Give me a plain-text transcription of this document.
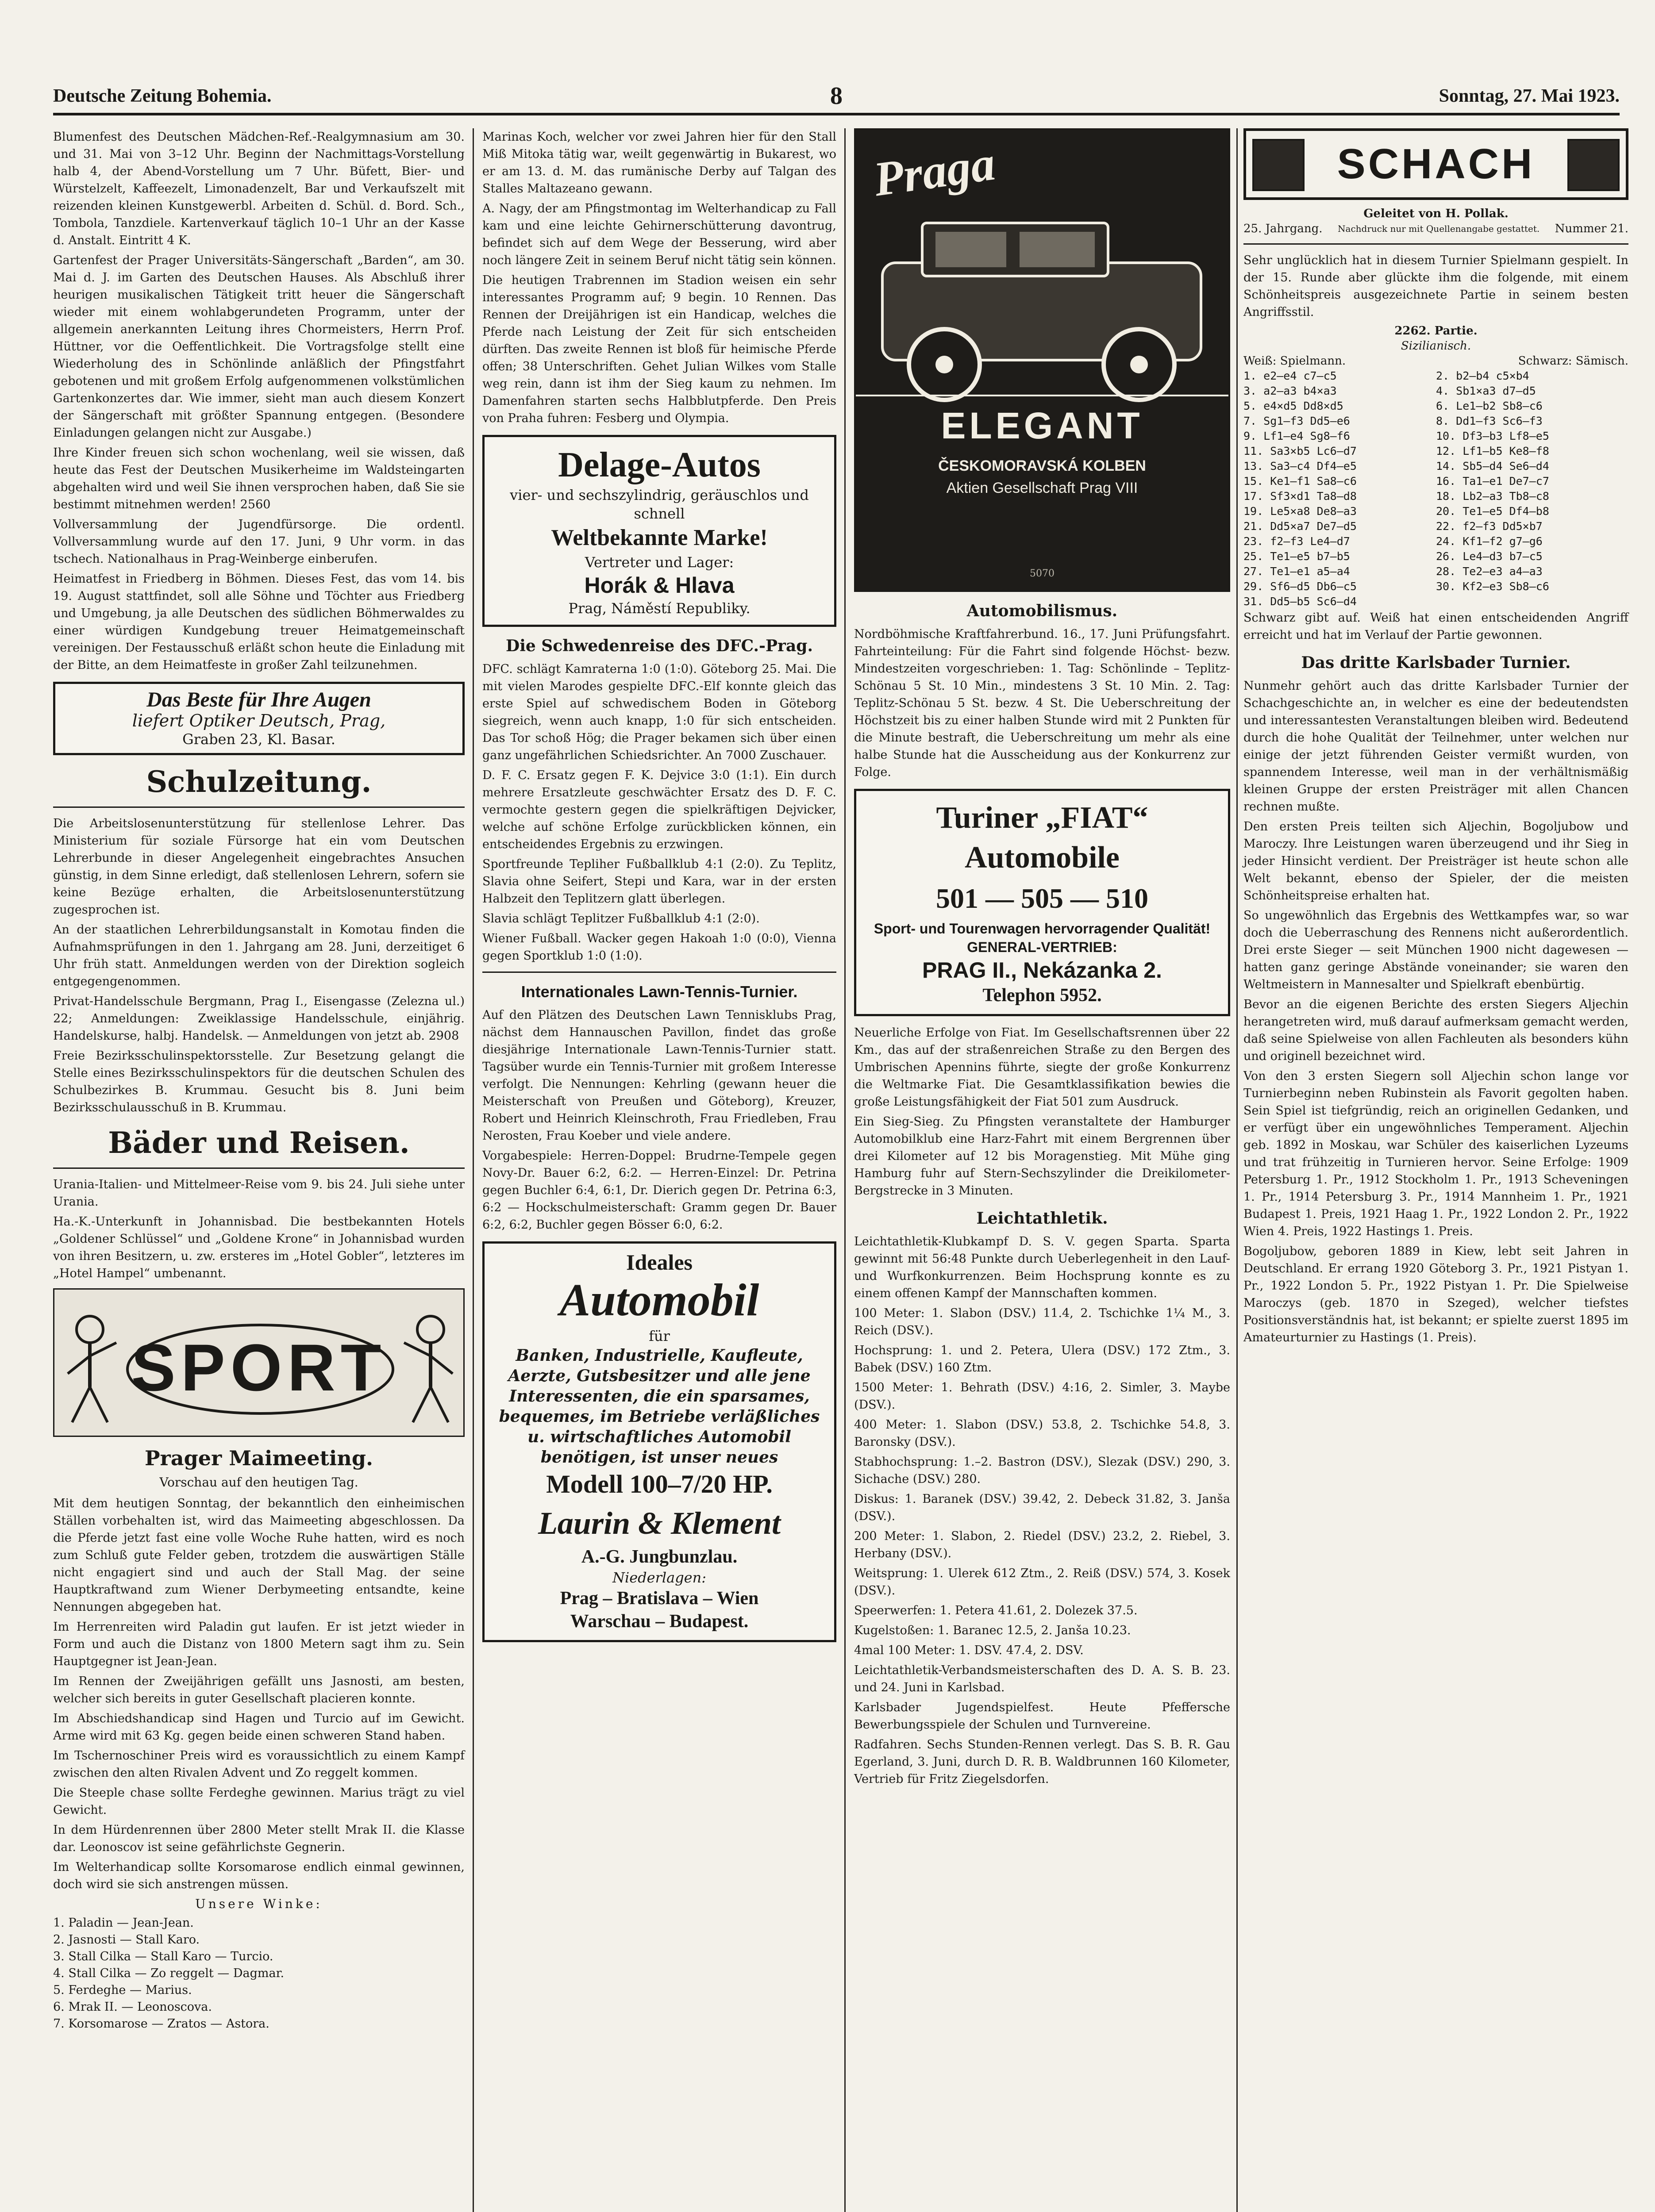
Deutsche Zeitung Bohemia.	8	Sonntag, 27. Mai 1923.

Blumenfest des Deutschen Mädchen-Ref.-Realgymnasium am 30. und 31. Mai von 3–12 Uhr. Beginn der Nachmittags-Vorstellung halb 4, der Abend-Vorstellung um 7 Uhr. Büfett, Bier- und Würstelzelt, Kaffeezelt, Limonadenzelt, Bar und Verkaufszelt mit reizenden kleinen Kunstgewerbl. Arbeiten d. Schül. d. Bord. Sch., Tombola, Tanzdiele. Kartenverkauf täglich 10–1 Uhr an der Kasse d. Anstalt. Eintritt 4 K.

Gartenfest der Prager Universitäts-Sängerschaft „Barden“, am 30. Mai d. J. im Garten des Deutschen Hauses. Als Abschluß ihrer heurigen musikalischen Tätigkeit tritt heuer die Sängerschaft wieder mit einem wohlabgerundeten Programm, unter der allgemein anerkannten Leitung ihres Chormeisters, Herrn Prof. Hüttner, vor die Oeffentlichkeit. Die Vortragsfolge stellt eine Wiederholung des in Schönlinde anläßlich der Pfingstfahrt gebotenen und mit großem Erfolg aufgenommenen volkstümlichen Gartenkonzertes dar. Wie immer, sieht man auch diesem Konzert der Sängerschaft mit größter Spannung entgegen. (Besondere Einladungen gelangen nicht zur Ausgabe.)

Ihre Kinder freuen sich schon wochenlang, weil sie wissen, daß heute das Fest der Deutschen Musikerheime im Waldsteingarten abgehalten wird und weil Sie ihnen versprochen haben, daß Sie sie bestimmt mitnehmen werden! 2560

Vollversammlung der Jugendfürsorge. Die ordentl. Vollversammlung wurde auf den 17. Juni, 9 Uhr vorm. in das tschech. Nationalhaus in Prag-Weinberge einberufen.

Heimatfest in Friedberg in Böhmen. Dieses Fest, das vom 14. bis 19. August stattfindet, soll alle Söhne und Töchter aus Friedberg und Umgebung, ja alle Deutschen des südlichen Böhmerwaldes zu einer würdigen Kundgebung treuer Heimatgemeinschaft vereinigen. Der Festausschuß erläßt schon heute die Einladung mit der Bitte, an dem Heimatfeste in großer Zahl teilzunehmen.

Das Beste für Ihre Augen
liefert Optiker Deutsch, Prag,
Graben 23, Kl. Basar.
Schulzeitung.

Die Arbeitslosenunterstützung für stellenlose Lehrer. Das Ministerium für soziale Fürsorge hat ein vom Deutschen Lehrerbunde in dieser Angelegenheit eingebrachtes Ansuchen günstig, in dem Sinne erledigt, daß stellenlosen Lehrern, sofern sie keine Bezüge erhalten, die Arbeitslosenunterstützung zugesprochen ist.

An der staatlichen Lehrerbildungsanstalt in Komotau finden die Aufnahmsprüfungen in den 1. Jahrgang am 28. Juni, derzeitiget 6 Uhr früh statt. Anmeldungen werden von der Direktion sogleich entgegengenommen.

Privat-Handelsschule Bergmann, Prag I., Eisengasse (Zeleznа ul.) 22; Anmeldungen: Zweiklassige Handelsschule, einjährig. Handelskurse, halbj. Handelsk. — Anmeldungen von jetzt ab. 2908

Freie Bezirksschulinspektorsstelle. Zur Besetzung gelangt die Stelle eines Bezirksschulinspektors für die deutschen Schulen des Schulbezirkes B. Krummau. Gesucht bis 8. Juni beim Bezirksschulausschuß in B. Krummau.

Bäder und Reisen.

Urania-Italien- und Mittelmeer-Reise vom 9. bis 24. Juli siehe unter Urania.

Ha.-K.-Unterkunft in Johannisbad. Die bestbekannten Hotels „Goldener Schlüssel“ und „Goldene Krone“ in Johannisbad wurden von ihren Besitzern, u. zw. ersteres im „Hotel Gobler“, letzteres im „Hotel Hampel“ umbenannt.

SPORT
Prager Maimeeting.
Vorschau auf den heutigen Tag.

Mit dem heutigen Sonntag, der bekanntlich den einheimischen Ställen vorbehalten ist, wird das Maimeeting abgeschlossen. Da die Pferde jetzt fast eine volle Woche Ruhe hatten, wird es noch zum Schluß gute Felder geben, trotzdem die auswärtigen Ställe nicht engagiert sind und auch der Stall Mag. der seine Hauptkraftwand zum Wiener Derbymeeting entsandte, keine Nennungen abgegeben hat.

Im Herrenreiten wird Paladin gut laufen. Er ist jetzt wieder in Form und auch die Distanz von 1800 Metern sagt ihm zu. Sein Hauptgegner ist Jean-Jean.

Im Rennen der Zweijährigen gefällt uns Jasnosti, am besten, welcher sich bereits in guter Gesellschaft placieren konnte.

Im Abschiedshandicap sind Hagen und Turcio auf im Gewicht. Arme wird mit 63 Kg. gegen beide einen schweren Stand haben.

Im Tschernoschiner Preis wird es voraussichtlich zu einem Kampf zwischen den alten Rivalen Advent und Zo reggelt kommen.

Die Steeple chase sollte Ferdeghe gewinnen. Marius trägt zu viel Gewicht.

In dem Hürdenrennen über 2800 Meter stellt Mrak II. die Klasse dar. Leonoscov ist seine gefährlichste Gegnerin.

Im Welterhandicap sollte Korsomarose endlich einmal gewinnen, doch wird sie sich anstrengen müssen.

Unsere Winke:
1. Paladin — Jean-Jean.
2. Jasnosti — Stall Karo.
3. Stall Cilka — Stall Karo — Turcio.
4. Stall Cilka — Zo reggelt — Dagmar.
5. Ferdeghe — Marius.
6. Mrak II. — Leonoscova.
7. Korsomarose — Zratos — Astora.

Marinas Koch, welcher vor zwei Jahren hier für den Stall Miß Mitoka tätig war, weilt gegenwärtig in Bukarest, wo er am 13. d. M. das rumänische Derby auf Talgan des Stalles Maltazeano gewann.

A. Nagy, der am Pfingstmontag im Welterhandicap zu Fall kam und eine leichte Gehirnerschütterung davontrug, befindet sich auf dem Wege der Besserung, wird aber noch längere Zeit in seinem Beruf nicht tätig sein können.

Die heutigen Trabrennen im Stadion weisen ein sehr interessantes Programm auf; 9 begin. 10 Rennen. Das Rennen der Dreijährigen ist ein Handicap, welches die Pferde nach Leistung der Zeit für sich entscheiden dürften. Das zweite Rennen ist bloß für heimische Pferde offen; 38 Unterschriften. Gehet Julian Wilkes vom Stalle weg rein, dann ist ihm der Sieg kaum zu nehmen. Im Damenfahren starten sechs Halbblutpferde. Den Preis von Praha fuhren: Fesberg und Olympia.

Delage-Autos
vier- und sechszylindrig, geräuschlos und schnell
Weltbekannte Marke!
Vertreter und Lager:
Horák & Hlava
Prag, Náměstí Republiky.
Die Schwedenreise des DFC.-Prag.

DFC. schlägt Kamraterna 1:0 (1:0). Göteborg 25. Mai. Die mit vielen Marodes gespielte DFC.-Elf konnte gleich das erste Spiel auf schwedischem Boden in Göteborg siegreich, wenn auch knapp, 1:0 für sich entscheiden. Das Tor schoß Hög; die Prager bekamen sich über einen ganz ungefährlichen Schiedsrichter. An 7000 Zuschauer.

D. F. C. Ersatz gegen F. K. Dejvice 3:0 (1:1). Ein durch mehrere Ersatzleute geschwächter Ersatz des D. F. C. vermochte gestern gegen die spielkräftigen Dejvicker, welche auf schöne Erfolge zurückblicken können, ein entscheidendes Ergebnis zu erzwingen.

Sportfreunde Tepliher Fußballklub 4:1 (2:0). Zu Teplitz, Slavia ohne Seifert, Stepi und Kara, war in der ersten Halbzeit den Teplitzern glatt überlegen.

Slavia schlägt Teplitzer Fußballklub 4:1 (2:0).

Wiener Fußball. Wacker gegen Hakoah 1:0 (0:0), Vienna gegen Sportklub 1:0 (1:0).

Internationales Lawn-Tennis-Turnier.

Auf den Plätzen des Deutschen Lawn Tennisklubs Prag, nächst dem Hannauschen Pavillon, findet das große diesjährige Internationale Lawn-Tennis-Turnier statt. Tagsüber wurde ein Tennis-Turnier mit großem Interesse verfolgt. Die Nennungen: Kehrling (gewann heuer die Meisterschaft von Preußen und Göteborg), Kreuzer, Robert und Heinrich Kleinschroth, Frau Friedleben, Frau Nerosten, Frau Koeber und viele andere.

Vorgabespiele: Herren-Doppel: Brudrne-Tempele gegen Novy-Dr. Bauer 6:2, 6:2. — Herren-Einzel: Dr. Petrina gegen Buchler 6:4, 6:1, Dr. Dierich gegen Dr. Petrina 6:3, 6:2 — Hockschulmeisterschaft: Gramm gegen Dr. Bauer 6:2, 6:2, Buchler gegen Bösser 6:0, 6:2.

Ideales
Automobil
für
Banken, Industrielle, Kaufleute, Aerzte, Gutsbesitzer und alle jene Interessenten, die ein sparsames, bequemes, im Betriebe verläßliches u. wirtschaftliches Automobil benötigen, ist unser neues
Modell 100–7/20 HP.
Laurin & Klement
A.-G. Jungbunzlau.
Niederlagen:
Prag – Bratislava – Wien
Warschau – Budapest.
Praga
ELEGANT
ČESKOMORAVSKÁ KOLBEN
Aktien Gesellschaft Prag VIII
5070
Automobilismus.

Nordböhmische Kraftfahrerbund. 16., 17. Juni Prüfungsfahrt. Fahrteinteilung: Für die Fahrt sind folgende Höchst- bezw. Mindestzeiten vorgeschrieben: 1. Tag: Schönlinde – Teplitz-Schönau 5 St. 10 Min., mindestens 3 St. 10 Min. 2. Tag: Teplitz-Schönau 5 St. bezw. 4 St. Die Ueberschreitung der Höchstzeit bis zu einer halben Stunde wird mit 2 Punkten für die Minute bestraft, die Ueberschreitung um mehr als eine halbe Stunde hat die Ausscheidung aus der Konkurrenz zur Folge.

Turiner „FIAT“ Automobile
501 — 505 — 510
Sport- und Tourenwagen hervorragender Qualität!
GENERAL-VERTRIEB:
PRAG II., Nekázanka 2.
Telephon 5952.

Neuerliche Erfolge von Fiat. Im Gesellschaftsrennen über 22 Km., das auf der straßenreichen Straße zu den Bergen des Umbrischen Apennins führte, siegte der große Konkurrenz die Weltmarke Fiat. Die Gesamtklassifikation bewies die große Leistungsfähigkeit der Fiat 501 zum Ausdruck.

Ein Sieg-Sieg. Zu Pfingsten veranstaltete der Hamburger Automobilklub eine Harz-Fahrt mit einem Bergrennen über drei Kilometer auf 12 bis Moragenstieg. Mit Mühe ging Hamburg fuhr auf Stern-Sechszylinder die Dreikilometer-Bergstrecke in 3 Minuten.

Leichtathletik.

Leichtathletik-Klubkampf D. S. V. gegen Sparta. Sparta gewinnt mit 56:48 Punkte durch Ueberlegenheit in den Lauf- und Wurfkonkurrenzen. Beim Hochsprung konnte es zu einem offenen Kampf der Mannschaften kommen.

100 Meter: 1. Slabon (DSV.) 11.4, 2. Tschichke 1¼ M., 3. Reich (DSV.).

Hochsprung: 1. und 2. Petera, Ulera (DSV.) 172 Ztm., 3. Babek (DSV.) 160 Ztm.

1500 Meter: 1. Behrath (DSV.) 4:16, 2. Simler, 3. Maybe (DSV.).

400 Meter: 1. Slabon (DSV.) 53.8, 2. Tschichke 54.8, 3. Baronsky (DSV.).

Stabhochsprung: 1.–2. Bastron (DSV.), Slezak (DSV.) 290, 3. Sichache (DSV.) 280.

Diskus: 1. Baranek (DSV.) 39.42, 2. Debeck 31.82, 3. Janša (DSV.).

200 Meter: 1. Slabon, 2. Riedel (DSV.) 23.2, 2. Riebel, 3. Herbany (DSV.).

Weitsprung: 1. Ulerek 612 Ztm., 2. Reiß (DSV.) 574, 3. Kosek (DSV.).

Speerwerfen: 1. Petera 41.61, 2. Dolezek 37.5.

Kugelstoßen: 1. Baranec 12.5, 2. Janša 10.23.

4mal 100 Meter: 1. DSV. 47.4, 2. DSV.

Leichtathletik-Verbandsmeisterschaften des D. A. S. B. 23. und 24. Juni in Karlsbad.

Karlsbader Jugendspielfest. Heute Pfeffersche Bewerbungsspiele der Schulen und Turnvereine.

Radfahren. Sechs Stunden-Rennen verlegt. Das S. B. R. Gau Egerland, 3. Juni, durch D. R. B. Waldbrunnen 160 Kilometer, Vertrieb für Fritz Ziegelsdorfen.

SCHACH
Geleitet von H. Pollak.
25. Jahrgang. Nachdruck nur mit Quellenangabe gestattet. Nummer 21.

Sehr unglücklich hat in diesem Turnier Spielmann gespielt. In der 15. Runde aber glückte ihm die folgende, mit einem Schönheitspreis ausgezeichnete Partie in seinem besten Angriffsstil.

2262. Partie.
Sizilianisch.
Weiß: Spielmann.	Schwarz: Sämisch.
1. e2—e4 c7—c5	2. b2—b4 c5×b4
3. a2—a3 b4×a3	4. Sb1×a3 d7—d5
5. e4×d5 Dd8×d5	6. Le1—b2 Sb8—c6
7. Sg1—f3 Dd5—e6	8. Dd1—f3 Sc6—f3
9. Lf1—e4 Sg8—f6	10. Df3—b3 Lf8—e5
11. Sa3×b5 Lc6—d7	12. Lf1—b5 Ke8—f8
13. Sa3—c4 Df4—e5	14. Sb5—d4 Se6—d4
15. Ke1—f1 Sa8—c6	16. Ta1—e1 De7—c7
17. Sf3×d1 Ta8—d8	18. Lb2—a3 Tb8—c8
19. Le5×a8 De8—a3	20. Te1—e5 Df4—b8
21. Dd5×a7 De7—d5	22. f2—f3 Dd5×b7
23. f2—f3 Le4—d7	24. Kf1—f2 g7—g6
25. Te1—e5 b7—b5	26. Le4—d3 b7—c5
27. Te1—e1 a5—a4	28. Te2—e3 a4—a3
29. Sf6—d5 Db6—c5	30. Kf2—e3 Sb8—c6
31. Dd5—b5 Sc6—d4

Schwarz gibt auf. Weiß hat einen entscheidenden Angriff erreicht und hat im Verlauf der Partie gewonnen.

Das dritte Karlsbader Turnier.

Nunmehr gehört auch das dritte Karlsbader Turnier der Schachgeschichte an, in welcher es eine der bedeutendsten und interessantesten Veranstaltungen bleiben wird. Bedeutend durch die hohe Qualität der Teilnehmer, unter welchen nur einige der jetzt führenden Geister vermißt wurden, von spannendem Interesse, weil man in der verhältnismäßig kleinen Gruppe der ersten Preisträger mit allen Chancen rechnen mußte.

Den ersten Preis teilten sich Aljechin, Bogoljubow und Maroczy. Ihre Leistungen waren überzeugend und ihr Sieg in jeder Hinsicht verdient. Der Preisträger ist heute schon alle Welt bekannt, ebenso der Spieler, der die meisten Schönheitspreise erhalten hat.

So ungewöhnlich das Ergebnis des Wettkampfes war, so war doch die Ueberraschung des Rennens nicht außerordentlich. Drei erste Sieger — seit München 1900 nicht dagewesen — hatten ganz geringe Abstände voneinander; sie waren den Weltmeistern in Mannesalter und Spielkraft ebenbürtig.

Bevor an die eigenen Berichte des ersten Siegers Aljechin herangetreten wird, muß darauf aufmerksam gemacht werden, daß seine Spielweise von allen Fachleuten als besonders kühn und originell bezeichnet wird.

Von den 3 ersten Siegern soll Aljechin schon lange vor Turnierbeginn neben Rubinstein als Favorit gegolten haben. Sein Spiel ist tiefgründig, reich an originellen Gedanken, und er verfügt über ein ungewöhnliches Temperament. Aljechin geb. 1892 in Moskau, war Schüler des kaiserlichen Lyzeums und trat frühzeitig in Turnieren hervor. Seine Erfolge: 1909 Petersburg 1. Pr., 1912 Stockholm 1. Pr., 1913 Scheveningen 1. Pr., 1914 Petersburg 3. Pr., 1914 Mannheim 1. Pr., 1921 Budapest 1. Preis, 1921 Haag 1. Pr., 1922 London 2. Pr., 1922 Wien 4. Preis, 1922 Hastings 1. Preis.

Bogoljubow, geboren 1889 in Kiew, lebt seit Jahren in Deutschland. Er errang 1920 Göteborg 3. Pr., 1921 Pistyan 1. Pr., 1922 London 5. Pr., 1922 Pistyan 1. Pr. Die Spielweise Maroczys (geb. 1870 in Szeged), welcher tiefstes Positionsverständnis hat, ist bekannt; er spielte zuerst 1895 im Amateurturnier zu Hastings (1. Preis).
